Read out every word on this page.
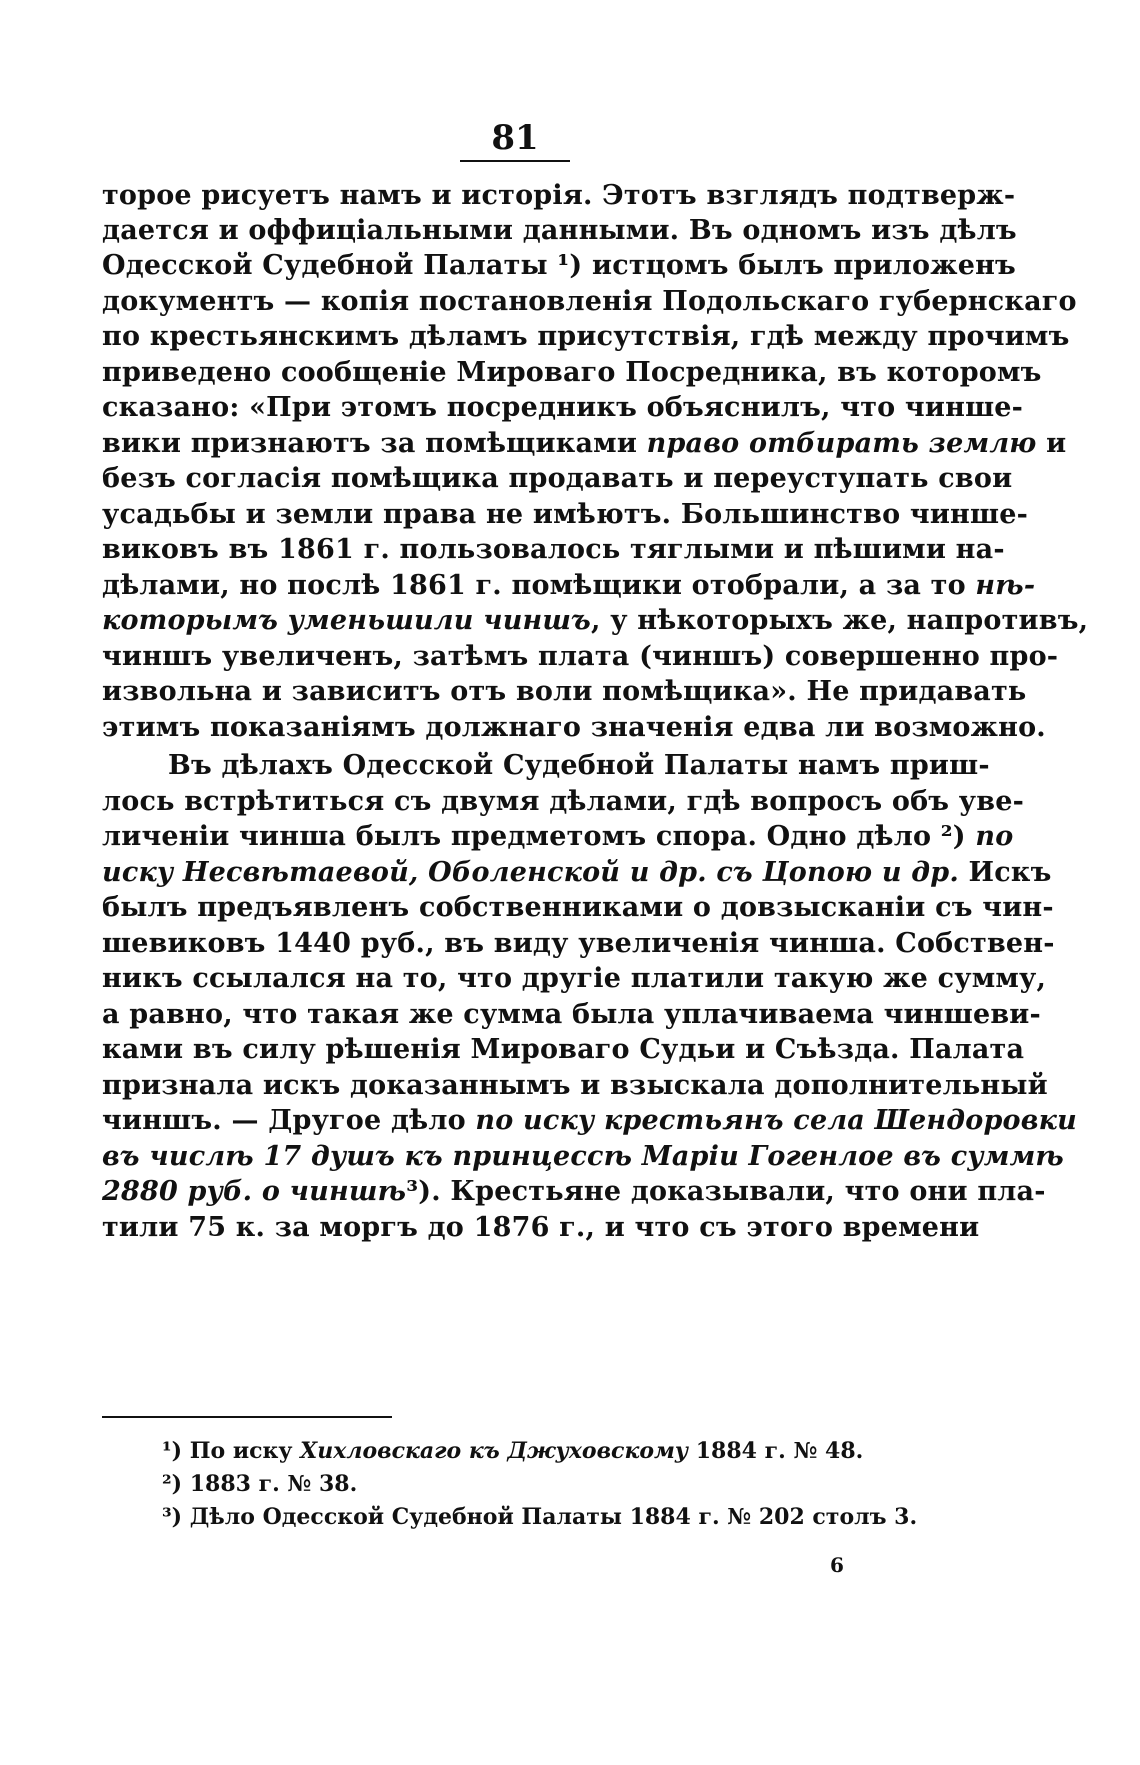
81
торое рисуетъ намъ и исторія. Этотъ взглядъ подтверж-
дается и оффиціальными данными. Въ одномъ изъ дѣлъ
Одесской Судебной Палаты ¹) истцомъ былъ приложенъ
документъ — копія постановленія Подольскаго губернскаго
по крестьянскимъ дѣламъ присутствія, гдѣ между прочимъ
приведено сообщеніе Мироваго Посредника, въ которомъ
сказано: «При этомъ посредникъ объяснилъ, что чинше-
вики признаютъ за помѣщиками право отбирать землю и
безъ согласія помѣщика продавать и переуступать свои
усадьбы и земли права не имѣютъ. Большинство чинше-
виковъ въ 1861 г. пользовалось тяглыми и пѣшими на-
дѣлами, но послѣ 1861 г. помѣщики отобрали, а за то нѣ-
которымъ уменьшили чиншъ, у нѣкоторыхъ же, напротивъ,
чиншъ увеличенъ, затѣмъ плата (чиншъ) совершенно про-
извольна и зависитъ отъ воли помѣщика». Не придавать
этимъ показаніямъ должнаго значенія едва ли возможно.
Въ дѣлахъ Одесской Судебной Палаты намъ приш-
лось встрѣтиться съ двумя дѣлами, гдѣ вопросъ объ уве-
личеніи чинша былъ предметомъ спора. Одно дѣло ²) по
иску Несвѣтаевой, Оболенской и др. съ Цопою и др. Искъ
былъ предъявленъ собственниками о довзысканіи съ чин-
шевиковъ 1440 руб., въ виду увеличенія чинша. Собствен-
никъ ссылался на то, что другіе платили такую же сумму,
а равно, что такая же сумма была уплачиваема чиншеви-
ками въ силу рѣшенія Мироваго Судьи и Съѣзда. Палата
признала искъ доказаннымъ и взыскала дополнительный
чиншъ. — Другое дѣло по иску крестьянъ села Шендоровки
въ числѣ 17 душъ къ принцессѣ Маріи Гогенлое въ суммѣ
2880 руб. о чиншѣ³). Крестьяне доказывали, что они пла-
тили 75 к. за моргъ до 1876 г., и что съ этого времени
¹) По иску Хихловскаго къ Джуховскому 1884 г. № 48.
²) 1883 г. № 38.
³) Дѣло Одесской Судебной Палаты 1884 г. № 202 столъ 3.
6
